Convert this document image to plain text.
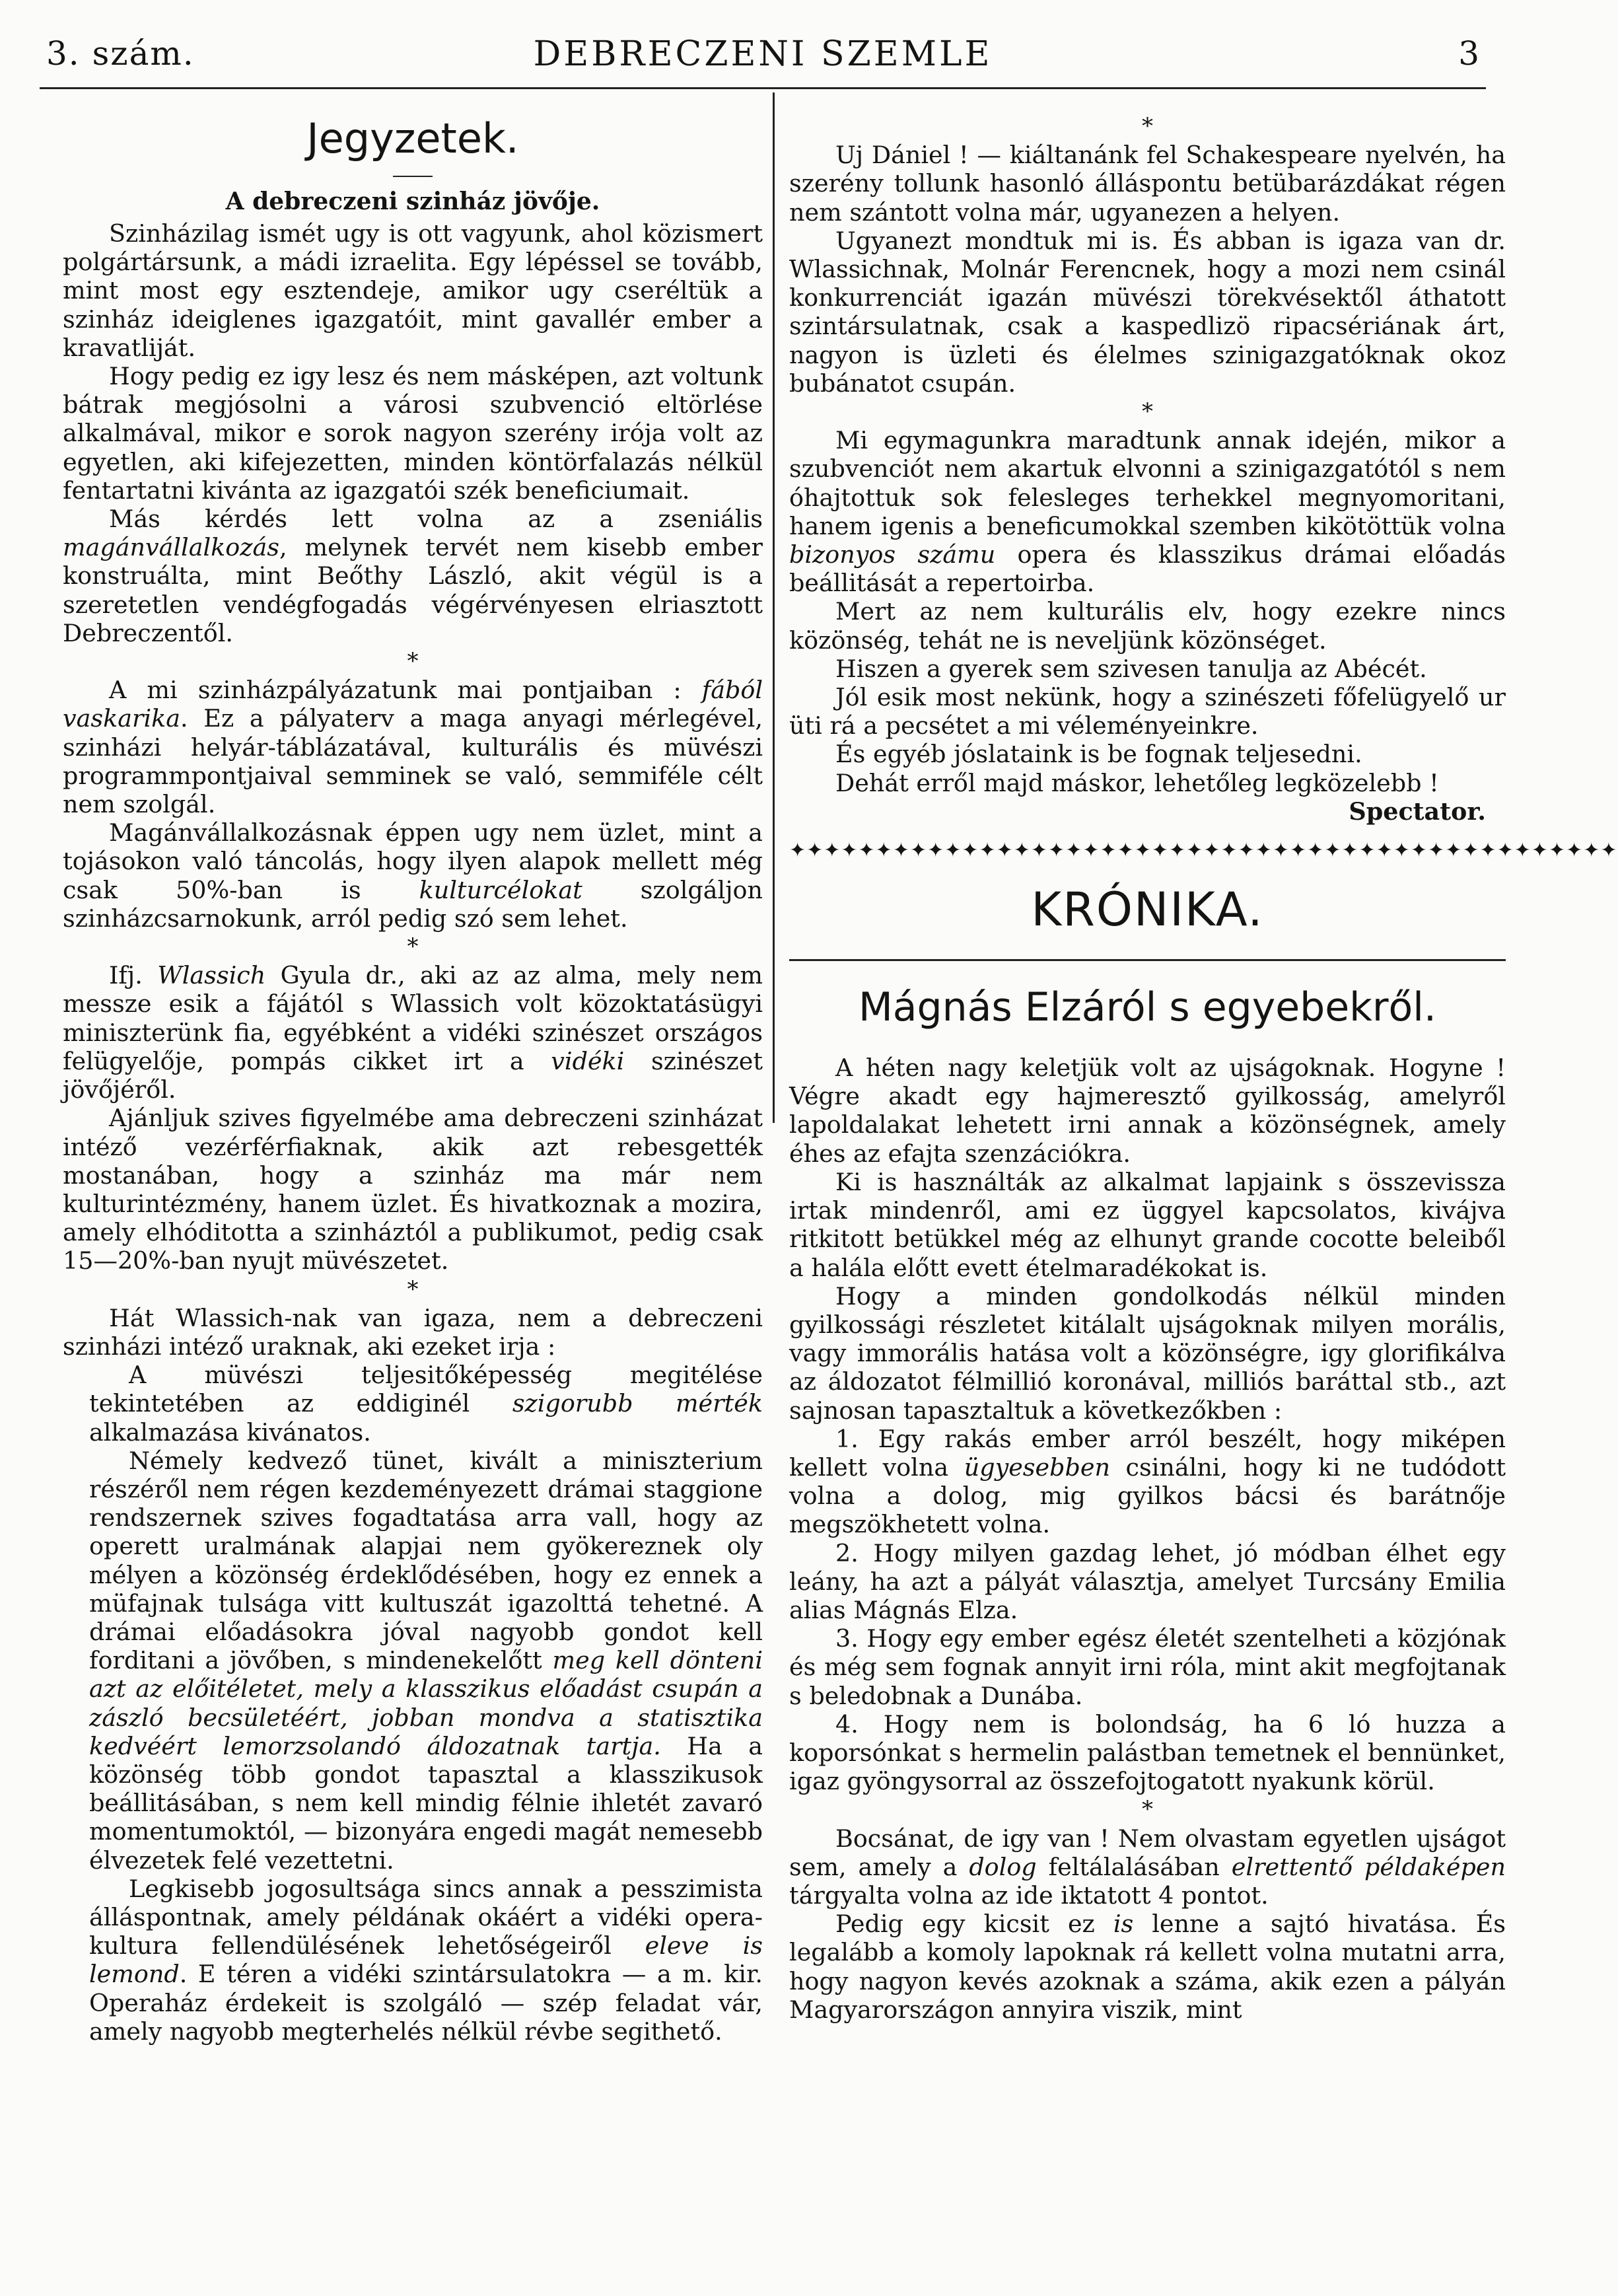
3. szám.	DEBRECZENI SZEMLE	3
Jegyzetek.
A debreczeni szinház jövője.

Szinházilag ismét ugy is ott vagyunk, ahol közismert polgártársunk, a mádi izraelita. Egy lépéssel se tovább, mint most egy esztendeje, amikor ugy cseréltük a szinház ideiglenes igazgatóit, mint gavallér ember a kravatliját.

Hogy pedig ez igy lesz és nem másképen, azt voltunk bátrak megjósolni a városi szubvenció eltörlése alkalmával, mikor e sorok nagyon szerény irója volt az egyetlen, aki kifejezetten, minden köntörfalazás nélkül fentartatni kivánta az igazgatói szék beneficiumait.

Más kérdés lett volna az a zseniális magánvállalkozás, melynek tervét nem kisebb ember konstruálta, mint Beőthy László, akit végül is a szeretetlen vendégfogadás végérvényesen elriasztott Debreczentől.

*

A mi szinházpályázatunk mai pontjaiban : fából vaskarika. Ez a pályaterv a maga anyagi mérlegével, szinházi helyár-táblázatával, kulturális és müvészi programmpontjaival semminek se való, semmiféle célt nem szolgál.

Magánvállalkozásnak éppen ugy nem üzlet, mint a tojásokon való táncolás, hogy ilyen alapok mellett még csak 50%-ban is kulturcélokat szolgáljon szinházcsarnokunk, arról pedig szó sem lehet.

*

Ifj. Wlassich Gyula dr., aki az az alma, mely nem messze esik a fájától s Wlassich volt közoktatásügyi miniszterünk fia, egyébként a vidéki szinészet országos felügyelője, pompás cikket irt a vidéki szinészet jövőjéről.

Ajánljuk szives figyelmébe ama debreczeni szinházat intéző vezérférfiaknak, akik azt rebesgették mostanában, hogy a szinház ma már nem kulturintézmény, hanem üzlet. És hivatkoznak a mozira, amely elhóditotta a szinháztól a publikumot, pedig csak 15—20%-ban nyujt müvészetet.

*

Hát Wlassich-nak van igaza, nem a debreczeni szinházi intéző uraknak, aki ezeket irja :

A müvészi teljesitőképesség megitélése tekintetében az eddiginél szigorubb mérték alkalmazása kivánatos.

Némely kedvező tünet, kivált a miniszterium részéről nem régen kezdeményezett drámai staggione rendszernek szives fogadtatása arra vall, hogy az operett uralmának alapjai nem gyökereznek oly mélyen a közönség érdeklődésében, hogy ez ennek a müfajnak tulsága vitt kultuszát igazolttá tehetné. A drámai előadásokra jóval nagyobb gondot kell forditani a jövőben, s mindenekelőtt meg kell dönteni azt az előitéletet, mely a klasszikus előadást csupán a zászló becsületéért, jobban mondva a statisztika kedvéért lemorzsolandó áldozatnak tartja. Ha a közönség több gondot tapasztal a klasszikusok beállitásában, s nem kell mindig félnie ihletét zavaró momentumoktól, — bizonyára engedi magát nemesebb élvezetek felé vezettetni.

Legkisebb jogosultsága sincs annak a pesszimista álláspontnak, amely példának okáért a vidéki opera-kultura fellendülésének lehetőségeiről eleve is lemond. E téren a vidéki szintársulatokra — a m. kir. Operaház érdekeit is szolgáló — szép feladat vár, amely nagyobb megterhelés nélkül révbe segithető.

*

Uj Dániel ! — kiáltanánk fel Schakespeare nyelvén, ha szerény tollunk hasonló álláspontu betübarázdákat régen nem szántott volna már, ugyanezen a helyen.

Ugyanezt mondtuk mi is. És abban is igaza van dr. Wlassichnak, Molnár Ferencnek, hogy a mozi nem csinál konkurrenciát igazán müvészi törekvésektől áthatott szintársulatnak, csak a kaspedlizö ripacsériának árt, nagyon is üzleti és élelmes szinigazgatóknak okoz bubánatot csupán.

*

Mi egymagunkra maradtunk annak idején, mikor a szubvenciót nem akartuk elvonni a szinigazgatótól s nem óhajtottuk sok felesleges terhekkel megnyomoritani, hanem igenis a beneficumokkal szemben kikötöttük volna bizonyos számu opera és klasszikus drámai előadás beállitását a repertoirba.

Mert az nem kulturális elv, hogy ezekre nincs közönség, tehát ne is neveljünk közönséget.

Hiszen a gyerek sem szivesen tanulja az Abécét.

Jól esik most nekünk, hogy a szinészeti főfelügyelő ur üti rá a pecsétet a mi véleményeinkre.

És egyéb jóslataink is be fognak teljesedni.

Dehát erről majd máskor, lehetőleg legközelebb !

Spectator.
✦✦✦✦✦✦✦✦✦✦✦✦✦✦✦✦✦✦✦✦✦✦✦✦✦✦✦✦✦✦✦✦✦✦✦✦✦✦✦✦✦✦✦✦✦✦✦✦
KRÓNIKA.
Mágnás Elzáról s egyebekről.

A héten nagy keletjük volt az ujságoknak. Hogyne ! Végre akadt egy hajmeresztő gyilkosság, amelyről lapoldalakat lehetett irni annak a közönségnek, amely éhes az efajta szenzációkra.

Ki is használták az alkalmat lapjaink s összevissza irtak mindenről, ami ez üggyel kapcsolatos, kivájva ritkitott betükkel még az elhunyt grande cocotte beleiből a halála előtt evett ételmaradékokat is.

Hogy a minden gondolkodás nélkül minden gyilkossági részletet kitálalt ujságoknak milyen morális, vagy immorális hatása volt a közönségre, igy glorifikálva az áldozatot félmillió koronával, milliós baráttal stb., azt sajnosan tapasztaltuk a következőkben :

1. Egy rakás ember arról beszélt, hogy miképen kellett volna ügyesebben csinálni, hogy ki ne tudódott volna a dolog, mig gyilkos bácsi és barátnője megszökhetett volna.

2. Hogy milyen gazdag lehet, jó módban élhet egy leány, ha azt a pályát választja, amelyet Turcsány Emilia alias Mágnás Elza.

3. Hogy egy ember egész életét szentelheti a közjónak és még sem fognak annyit irni róla, mint akit megfojtanak s beledobnak a Dunába.

4. Hogy nem is bolondság, ha 6 ló huzza a koporsónkat s hermelin palástban temetnek el bennünket, igaz gyöngysorral az összefojtogatott nyakunk körül.

*

Bocsánat, de igy van ! Nem olvastam egyetlen ujságot sem, amely a dolog feltálalásában elrettentő példaképen tárgyalta volna az ide iktatott 4 pontot.

Pedig egy kicsit ez is lenne a sajtó hivatása. És legalább a komoly lapoknak rá kellett volna mutatni arra, hogy nagyon kevés azoknak a száma, akik ezen a pályán Magyarországon annyira viszik, mint
